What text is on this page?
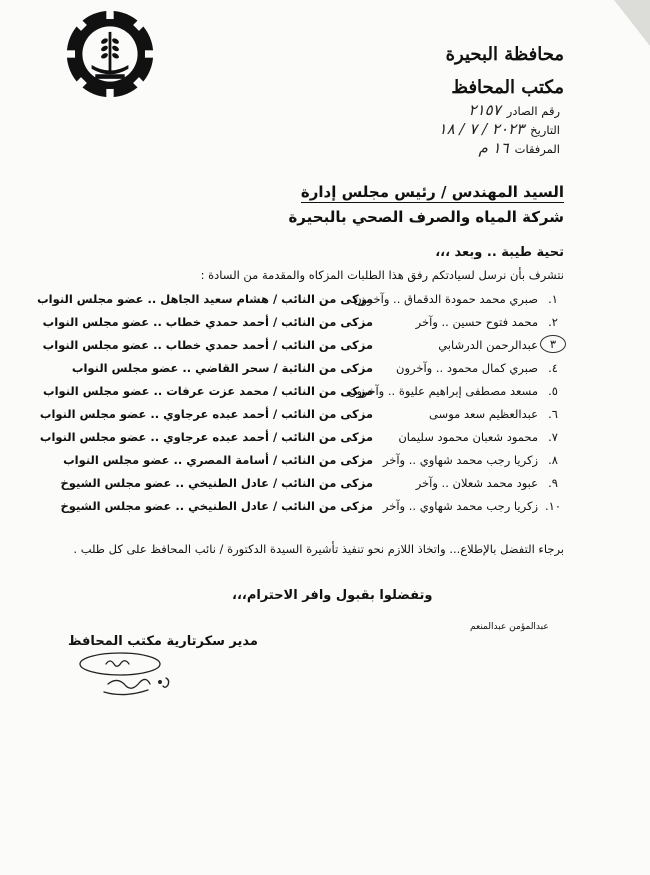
محافظة البحيرة
مكتب المحافظ
رقم الصادر
٢١٥٧
التاريخ
٢٠٢٣ / ٧ / ١٨
المرفقات
١٦ م
السيد المهندس / رئيس مجلس إدارة
شركة المياه والصرف الصحي بالبحيرة
تحية طيبة .. وبعد ،،،
نتشرف بأن نرسل لسيادتكم رفق هذا الطلبات المزكاه والمقدمة من السادة :
١.
صبري محمد حمودة الدقماق .. وآخرون
مزكى من النائب / هشام سعيد الجاهل .. عضو مجلس النواب
٢.
محمد فتوح حسين .. وآخر
مزكى من النائب / أحمد حمدي خطاب .. عضو مجلس النواب
٣
عبدالرحمن الدرشابي
مزكى من النائب / أحمد حمدي خطاب .. عضو مجلس النواب
٤.
صبري كمال محمود .. وآخرون
مزكى من النائبة / سحر القاضي .. عضو مجلس النواب
٥.
مسعد مصطفى إبراهيم عليوة .. وآخرون
مزكى من النائب / محمد عزت عرفات .. عضو مجلس النواب
٦.
عبدالعظيم سعد موسى
مزكى من النائب / أحمد عبده عرجاوي .. عضو مجلس النواب
٧.
محمود شعبان محمود سليمان
مزكى من النائب / أحمد عبده عرجاوي .. عضو مجلس النواب
٨.
زكريا رجب محمد شهاوي .. وآخر
مزكى من النائب / أسامة المصري .. عضو مجلس النواب
٩.
عبود محمد شعلان .. وآخر
مزكى من النائب / عادل الطنيخي .. عضو مجلس الشيوخ
١٠.
زكريا رجب محمد شهاوي .. وآخر
مزكى من النائب / عادل الطنيخي .. عضو مجلس الشيوخ
برجاء التفضل بالإطلاع... واتخاذ اللازم نحو تنفيذ تأشيرة السيدة الدكتورة / نائب المحافظ على كل طلب .
وتفضلوا بقبول وافر الاحترام،،،
عبدالمؤمن عبدالمنعم
مدير سكرتارية مكتب المحافظ
